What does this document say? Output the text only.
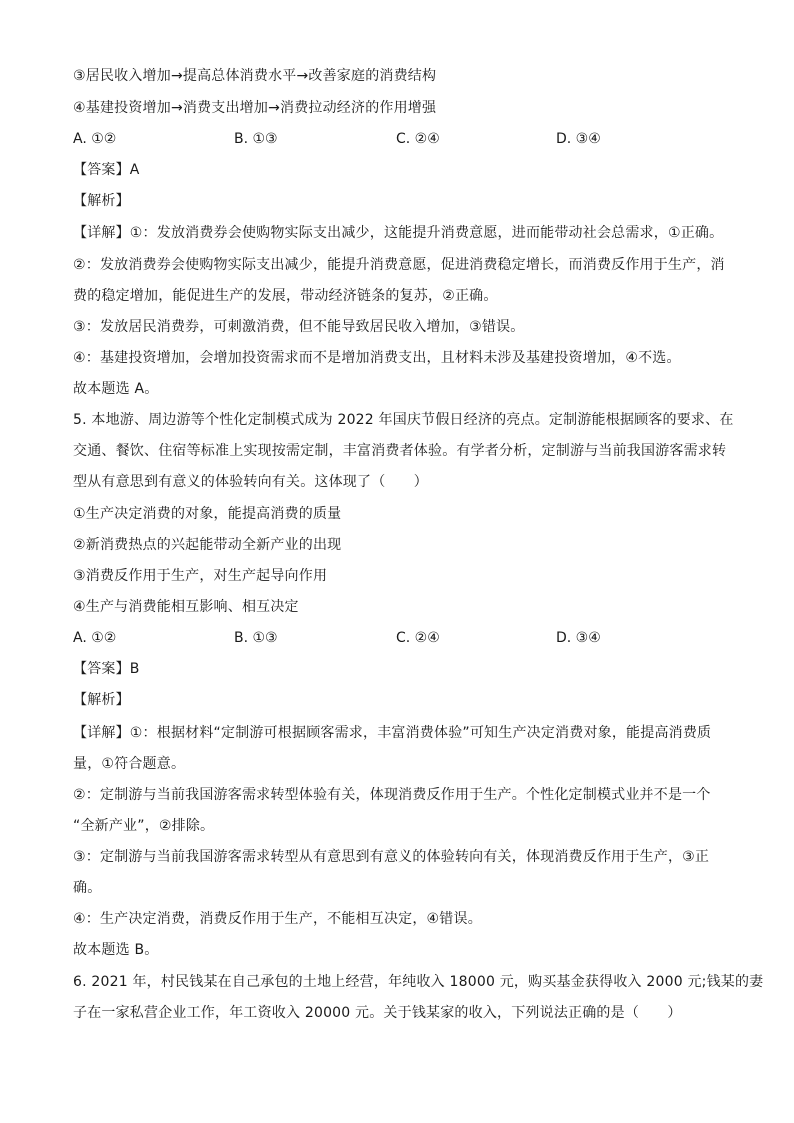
③居民收入增加→提高总体消费水平→改善家庭的消费结构
④基建投资增加→消费支出增加→消费拉动经济的作用增强
A. ①②	B. ①③	C. ②④	D. ③④
【答案】A
【解析】
【详解】①：发放消费券会使购物实际支出减少，这能提升消费意愿，进而能带动社会总需求，①正确。
②：发放消费券会使购物实际支出减少，能提升消费意愿，促进消费稳定增长，而消费反作用于生产，消
费的稳定增加，能促进生产的发展，带动经济链条的复苏，②正确。
③：发放居民消费券，可刺激消费，但不能导致居民收入增加，③错误。
④：基建投资增加，会增加投资需求而不是增加消费支出，且材料未涉及基建投资增加，④不选。
故本题选 A。
5. 本地游、周边游等个性化定制模式成为 2022 年国庆节假日经济的亮点。定制游能根据顾客的要求、在
交通、餐饮、住宿等标准上实现按需定制，丰富消费者体验。有学者分析，定制游与当前我国游客需求转
型从有意思到有意义的体验转向有关。这体现了（　　）
①生产决定消费的对象，能提高消费的质量
②新消费热点的兴起能带动全新产业的出现
③消费反作用于生产，对生产起导向作用
④生产与消费能相互影响、相互决定
A. ①②	B. ①③	C. ②④	D. ③④
【答案】B
【解析】
【详解】①：根据材料“定制游可根据顾客需求，丰富消费体验”可知生产决定消费对象，能提高消费质
量，①符合题意。
②：定制游与当前我国游客需求转型体验有关，体现消费反作用于生产。个性化定制模式业并不是一个
“全新产业”，②排除。
③：定制游与当前我国游客需求转型从有意思到有意义的体验转向有关，体现消费反作用于生产，③正
确。
④：生产决定消费，消费反作用于生产，不能相互决定，④错误。
故本题选 B。
6. 2021 年，村民钱某在自己承包的土地上经营，年纯收入 18000 元，购买基金获得收入 2000 元;钱某的妻
子在一家私营企业工作，年工资收入 20000 元。关于钱某家的收入，下列说法正确的是（　　）
